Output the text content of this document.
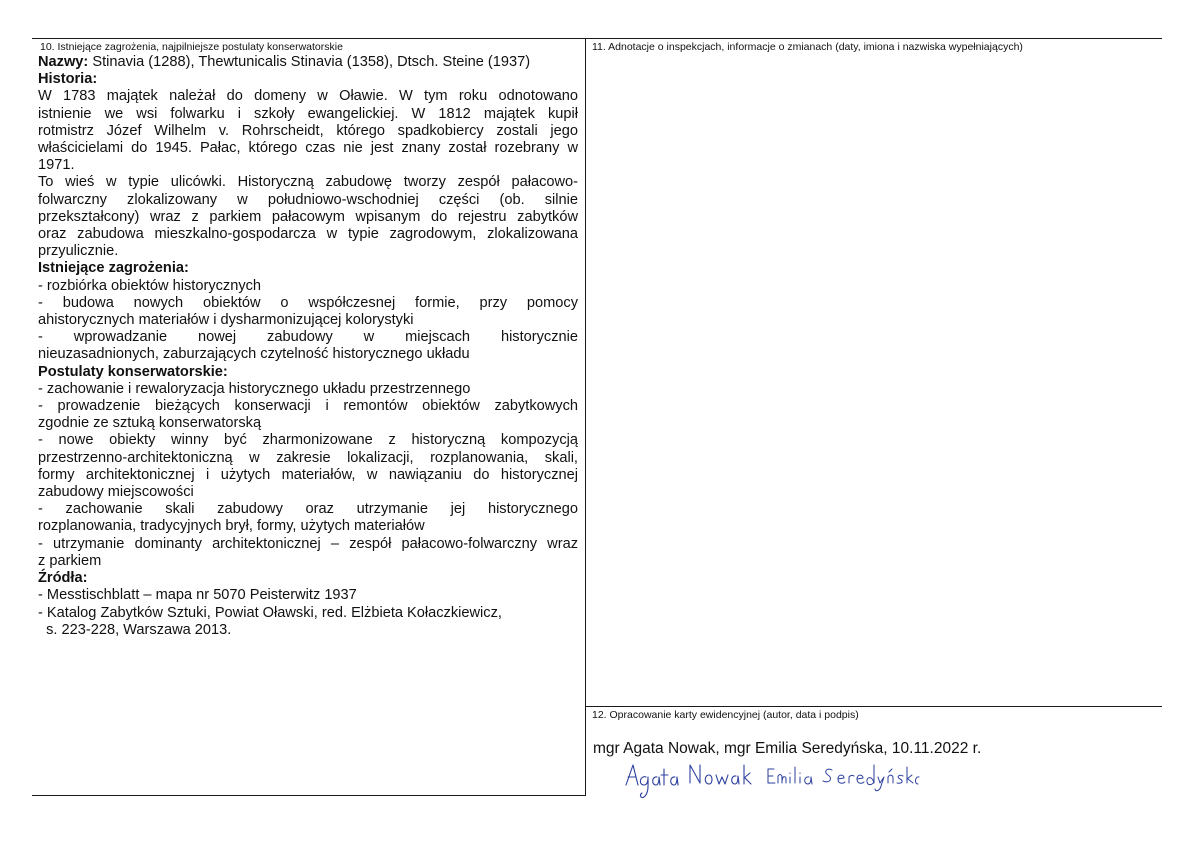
10. Istniejące zagrożenia, najpilniejsze postulaty konserwatorskie	11. Adnotacje o inspekcjach, informacje o zmianach (daty, imiona i nazwiska wypełniających)
12. Opracowanie karty ewidencyjnej (autor, data i podpis)
Nazwy: Stinavia (1288), Thewtunicalis Stinavia (1358), Dtsch. Steine (1937)
Historia:
W 1783 majątek należał do domeny w Oławie. W tym roku odnotowano
istnienie we wsi folwarku i szkoły ewangelickiej. W 1812 majątek kupił
rotmistrz Józef Wilhelm v. Rohrscheidt, którego spadkobiercy zostali jego
właścicielami do 1945. Pałac, którego czas nie jest znany został rozebrany w
1971.
To wieś w typie ulicówki. Historyczną zabudowę tworzy zespół pałacowo-
folwarczny zlokalizowany w południowo-wschodniej części (ob. silnie
przekształcony) wraz z parkiem pałacowym wpisanym do rejestru zabytków
oraz zabudowa mieszkalno-gospodarcza w typie zagrodowym, zlokalizowana
przyulicznie.
Istniejące zagrożenia:
- rozbiórka obiektów historycznych
- budowa nowych obiektów o współczesnej formie, przy pomocy
ahistorycznych materiałów i dysharmonizującej kolorystyki
- wprowadzanie nowej zabudowy w miejscach historycznie
nieuzasadnionych, zaburzających czytelność historycznego układu
Postulaty konserwatorskie:
- zachowanie i rewaloryzacja historycznego układu przestrzennego
- prowadzenie bieżących konserwacji i remontów obiektów zabytkowych
zgodnie ze sztuką konserwatorską
- nowe obiekty winny być zharmonizowane z historyczną kompozycją
przestrzenno-architektoniczną w zakresie lokalizacji, rozplanowania, skali,
formy architektonicznej i użytych materiałów, w nawiązaniu do historycznej
zabudowy miejscowości
- zachowanie skali zabudowy oraz utrzymanie jej historycznego
rozplanowania, tradycyjnych brył, formy, użytych materiałów
- utrzymanie dominanty architektonicznej – zespół pałacowo-folwarczny wraz
z parkiem
Źródła:
- Messtischblatt – mapa nr 5070 Peisterwitz 1937
- Katalog Zabytków Sztuki, Powiat Oławski, red. Elżbieta Kołaczkiewicz,
s. 223-228, Warszawa 2013.
mgr Agata Nowak, mgr Emilia Seredyńska, 10.11.2022 r.
